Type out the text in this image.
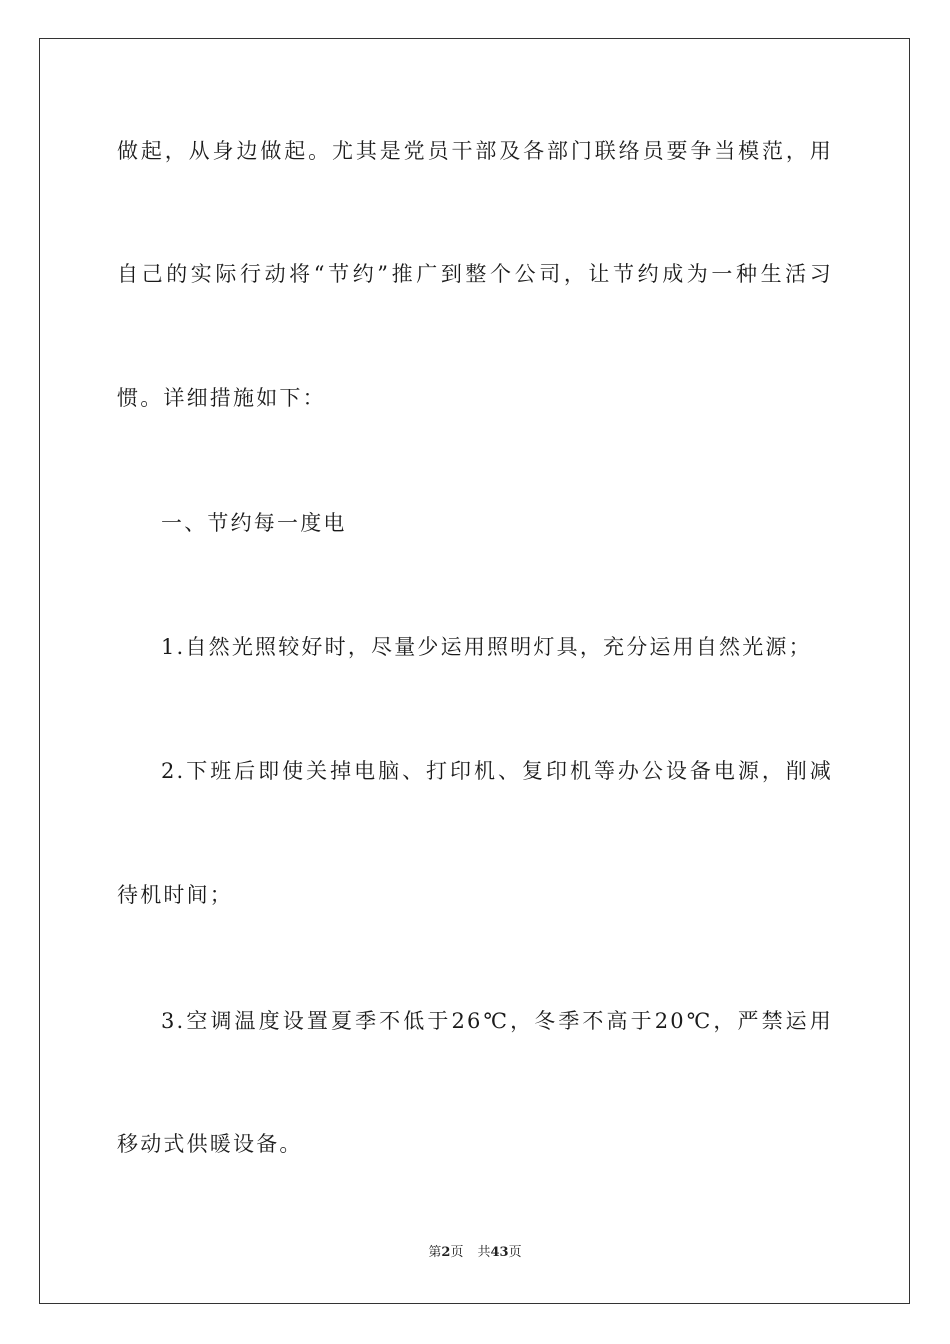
做起，从身边做起。尤其是党员干部及各部门联络员要争当模范，用
自己的实际行动将“节约”推广到整个公司，让节约成为一种生活习
惯。详细措施如下：
一、节约每一度电
1.自然光照较好时，尽量少运用照明灯具，充分运用自然光源；
2.下班后即使关掉电脑、打印机、复印机等办公设备电源，削减
待机时间；
3.空调温度设置夏季不低于26℃，冬季不高于20℃，严禁运用
移动式供暖设备。
第2页 共43页
